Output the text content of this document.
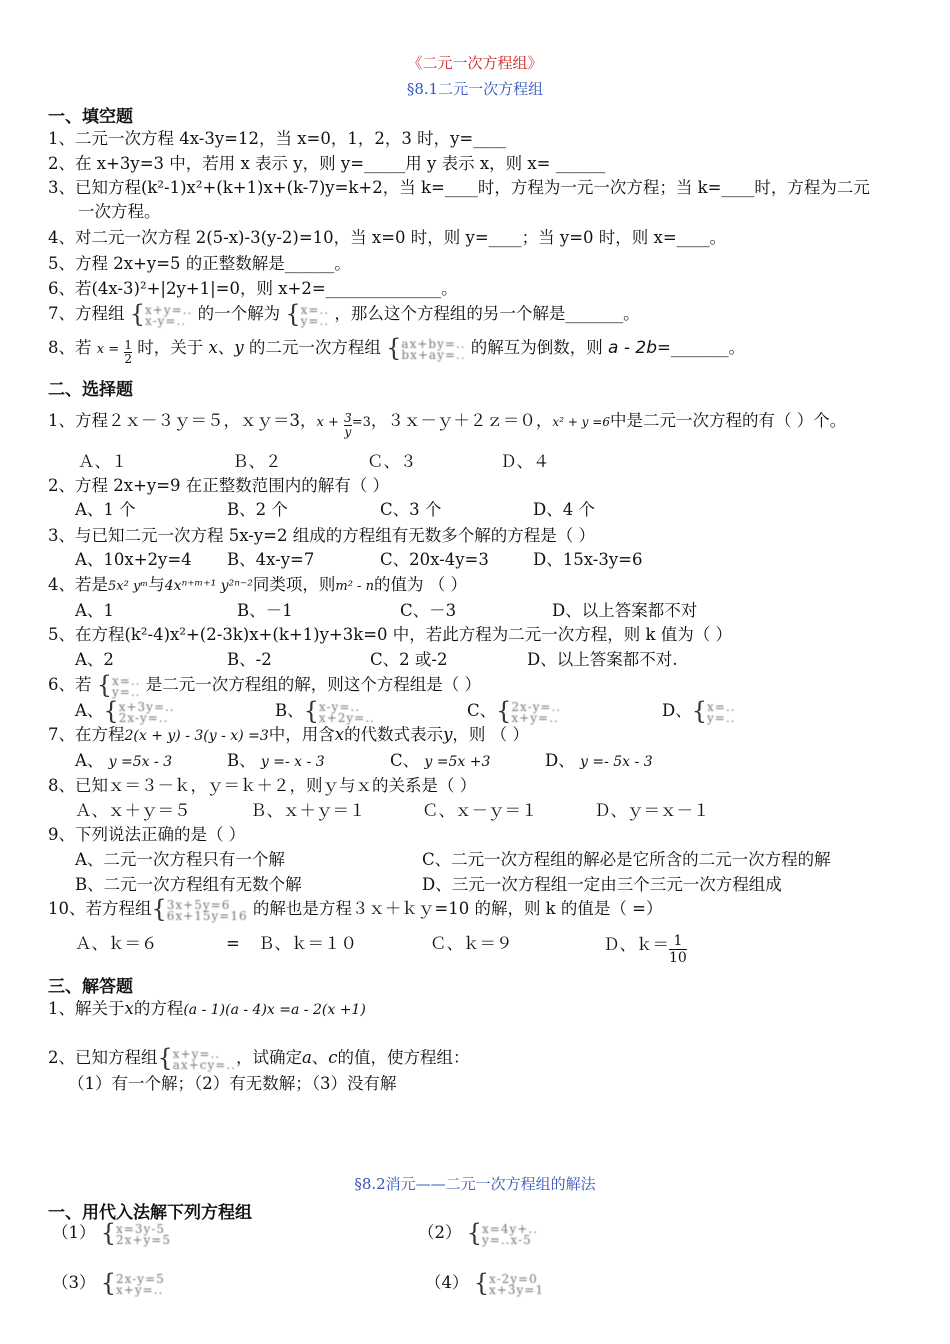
《二元一次方程组》
§8.1二元一次方程组
一、填空题
1、二元一次方程 4x-3y=12，当 x=0，1，2，3 时，y=____
2、在 x+3y=3 中，若用 x 表示 y，则 y=_____用 y 表示 x，则 x= ______
3、已知方程(k²-1)x²+(k+1)x+(k-7)y=k+2，当 k=____时，方程为一元一次方程；当 k=____时，方程为二元
一次方程。
4、对二元一次方程 2(5-x)-3(y-2)=10，当 x=0 时，则 y=____；当 y=0 时，则 x=____。
5、方程 2x+y=5 的正整数解是______。
6、若(4x-3)²+|2y+1|=0，则 x+2=______________。
7、方程组 {x+y=..
x-y=.. 的一个解为 {x=..
y=.. ，那么这个方程组的另一个解是_______。
8、若 $x = \frac{1}{2}$ 时，关于 x、y 的二元一次方程组 {ax+by=..
bx+ay=.. 的解互为倒数，则 a - 2b=_______。
二、选择题
1、方程２ｘ－３ｙ＝５，ｘｙ＝3，$x + \frac{3}{y}=3$，３ｘ－ｙ＋２ｚ＝０，x² + y =6中是二元一次方程的有（ ）个。
Ａ、１	Ｂ、２	Ｃ、３	Ｄ、４
2、方程 2x+y=9 在正整数范围内的解有（ ）
A、1 个	B、2 个	C、3 个	D、4 个
3、与已知二元一次方程 5x-y=2 组成的方程组有无数多个解的方程是（ ）
A、10x+2y=4 B、4x-y=7	C、20x-4y=3	D、15x-3y=6
4、若是5x² yᵐ与4xⁿ⁺ᵐ⁺¹ y²ⁿ⁻²同类项，则m² - n的值为 （ ）
A、1	B、－1	C、－3	D、以上答案都不对
5、在方程(k²-4)x²+(2-3k)x+(k+1)y+3k=0 中，若此方程为二元一次方程，则 k 值为（ ）
A、2	B、-2	C、2 或-2	D、以上答案都不对.
6、若 {x=..
y=.. 是二元一次方程组的解，则这个方程组是（ ）
A、{x+3y=..
2x-y=..	B、{x-y=..
x+2y=..	C、{2x-y=..
x+y=..	D、{x=..
y=..
7、在方程2(x + y) - 3(y - x) =3中，用含x的代数式表示y，则 （ ）
A、 y =5x - 3	B、 y =- x - 3	C、 y =5x +3	D、 y =- 5x - 3
8、已知ｘ＝３－ｋ，ｙ＝ｋ＋２，则ｙ与ｘ的关系是（ ）
Ａ、ｘ＋ｙ＝５	Ｂ、ｘ＋ｙ＝１	Ｃ、ｘ－ｙ＝１	Ｄ、ｙ＝ｘ－１
9、下列说法正确的是（ ）
A、二元一次方程只有一个解	C、二元一次方程组的解必是它所含的二元一次方程的解
B、二元一次方程组有无数个解	D、三元一次方程组一定由三个三元一次方程组成
10、若方程组{3x+5y=6
6x+15y=16 的解也是方程３ｘ＋ｋｙ=10 的解，则 k 的值是（ =）
Ａ、ｋ＝６	= Ｂ、ｋ＝１０	Ｃ、ｋ＝９	Ｄ、ｋ＝ $\frac{1}{10}$
三、解答题
1、解关于x的方程(a - 1)(a - 4)x =a - 2(x +1)
2、已知方程组{x+y=..
ax+cy=..，试确定a、c的值，使方程组：
（1）有一个解；（2）有无数解；（3）没有解
§8.2消元——二元一次方程组的解法
一、用代入法解下列方程组
（1） {x=3y-5
2x+y=5	（2） {x=4y+..
y=..x-5
（3） {2x-y=5
x+y=..	（4） {x-2y=0
x+3y=1
